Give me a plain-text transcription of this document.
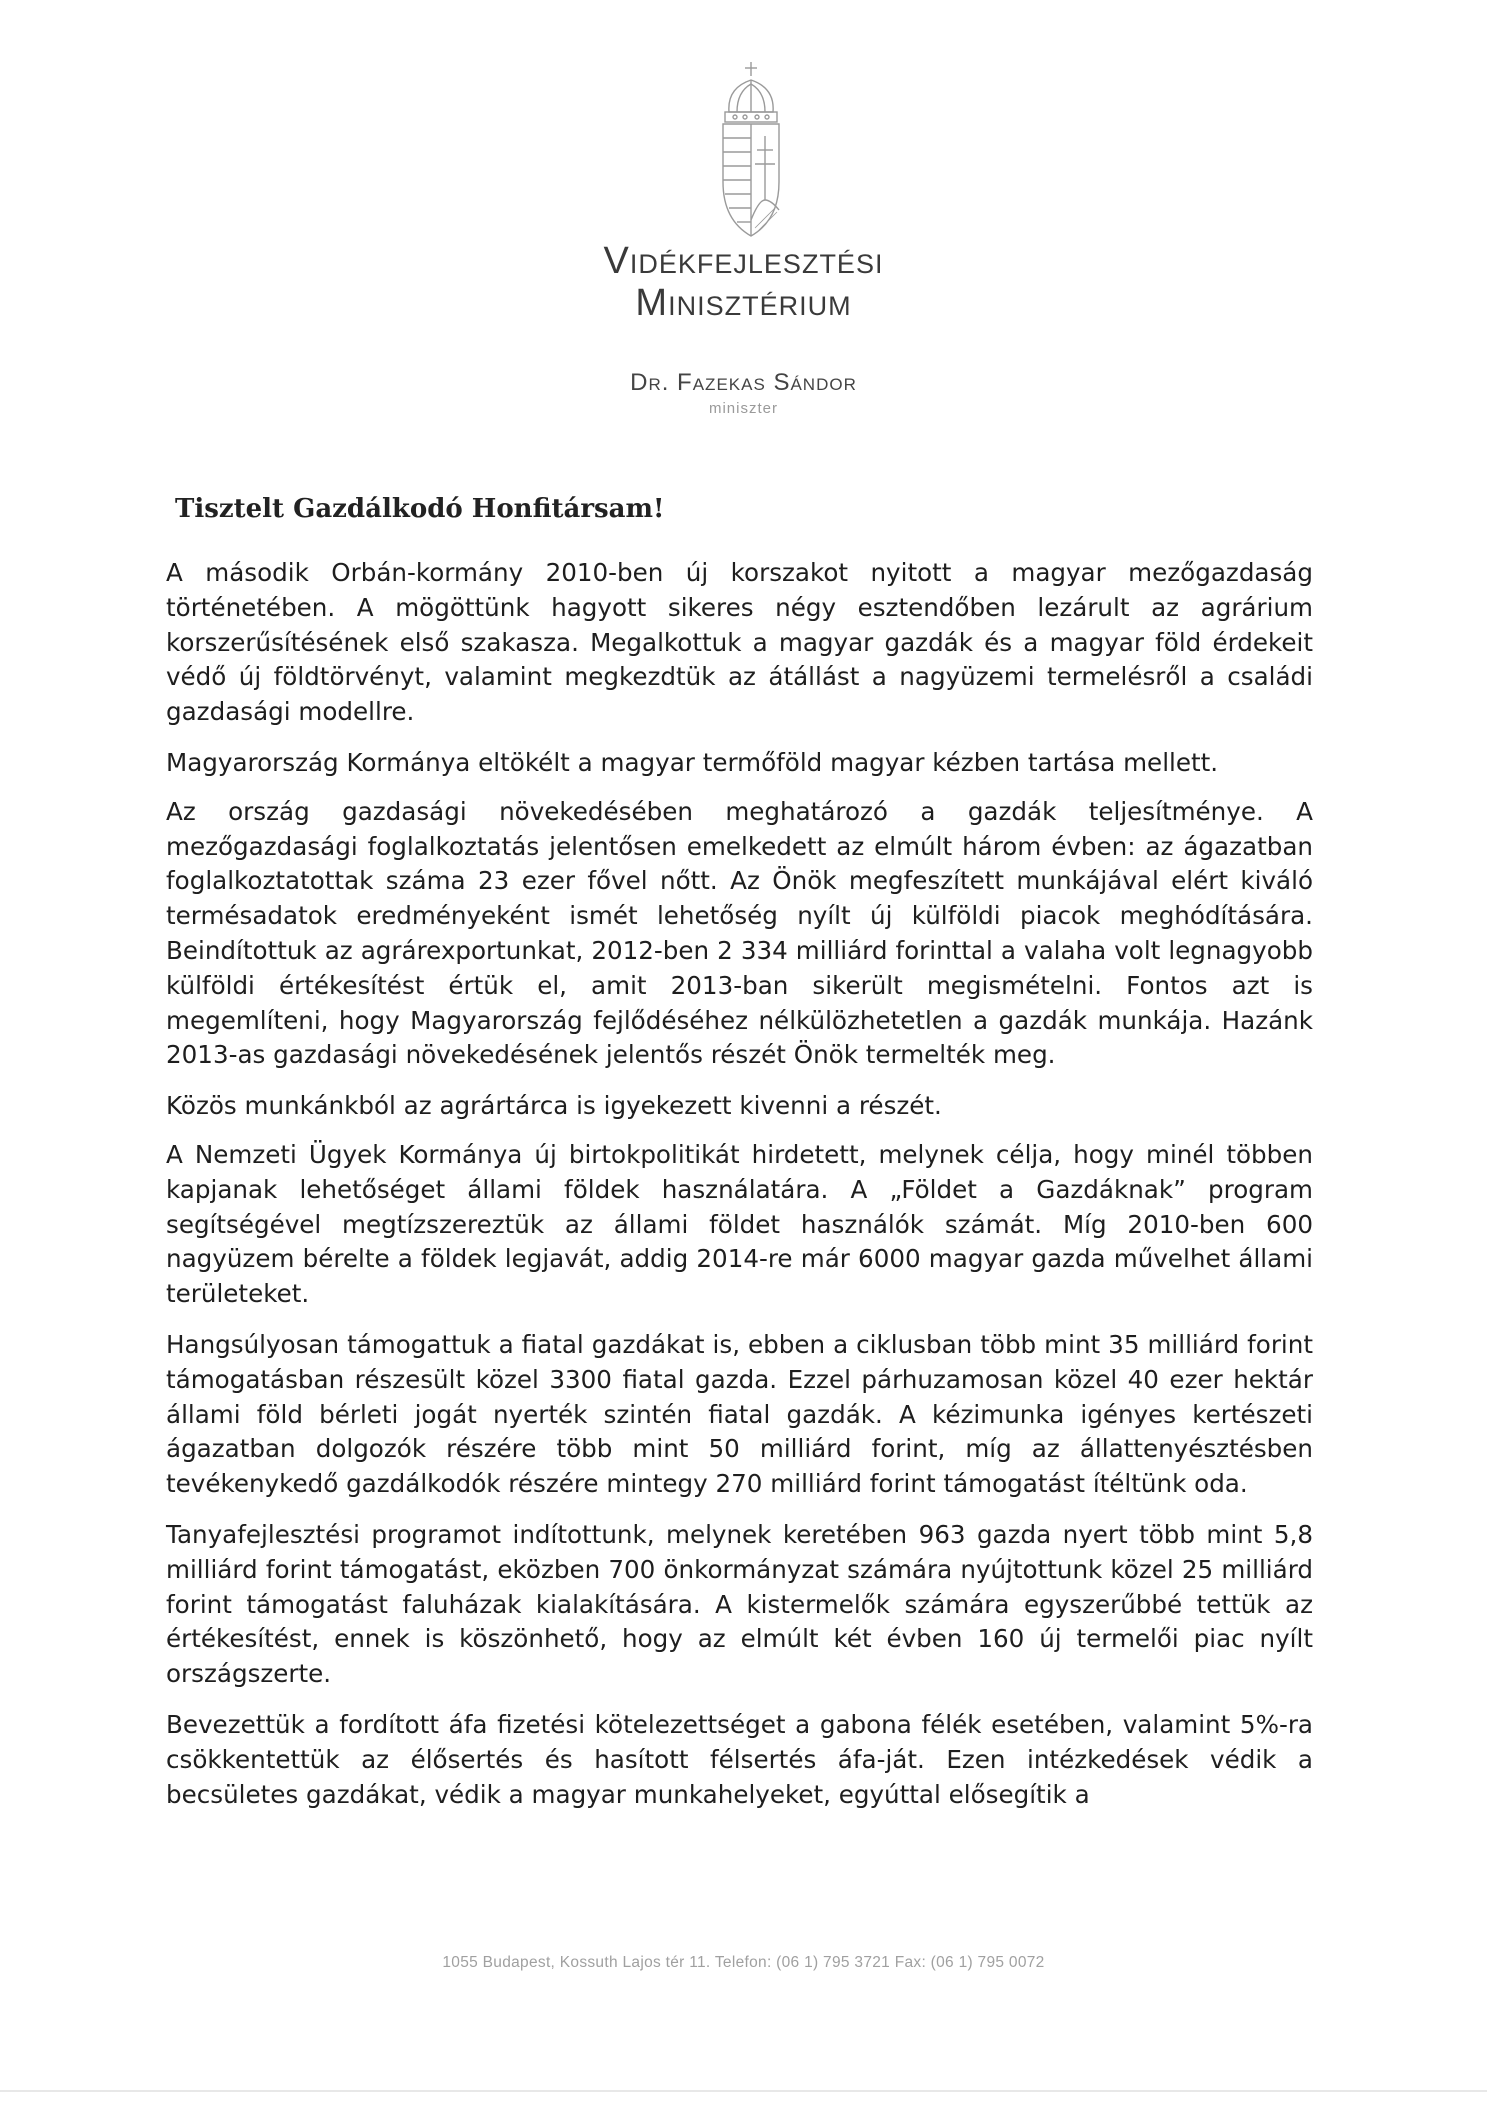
Vidékfejlesztési
Minisztérium
Dr. Fazekas Sándor
miniszter
Tisztelt Gazdálkodó Honfitársam!

A második Orbán-kormány 2010-ben új korszakot nyitott a magyar mezőgazdaság történetében. A mögöttünk hagyott sikeres négy esztendőben lezárult az agrárium korszerűsítésének első szakasza. Megalkottuk a magyar gazdák és a magyar föld érdekeit védő új földtörvényt, valamint megkezdtük az átállást a nagyüzemi termelésről a családi gazdasági modellre.

Magyarország Kormánya eltökélt a magyar termőföld magyar kézben tartása mellett.

Az ország gazdasági növekedésében meghatározó a gazdák teljesítménye. A mezőgazdasági foglalkoztatás jelentősen emelkedett az elmúlt három évben: az ágazatban foglalkoztatottak száma 23 ezer fővel nőtt. Az Önök megfeszített munkájával elért kiváló termésadatok eredményeként ismét lehetőség nyílt új külföldi piacok meghódítására. Beindítottuk az agrárexportunkat, 2012-ben 2 334 milliárd forinttal a valaha volt legnagyobb külföldi értékesítést értük el, amit 2013-ban sikerült megismételni. Fontos azt is megemlíteni, hogy Magyarország fejlődéséhez nélkülözhetetlen a gazdák munkája. Hazánk 2013-as gazdasági növekedésének jelentős részét Önök termelték meg.

Közös munkánkból az agrártárca is igyekezett kivenni a részét.

A Nemzeti Ügyek Kormánya új birtokpolitikát hirdetett, melynek célja, hogy minél többen kapjanak lehetőséget állami földek használatára. A „Földet a Gazdáknak” program segítségével megtízszereztük az állami földet használók számát. Míg 2010-ben 600 nagyüzem bérelte a földek legjavát, addig 2014-re már 6000 magyar gazda művelhet állami területeket.

Hangsúlyosan támogattuk a fiatal gazdákat is, ebben a ciklusban több mint 35 milliárd forint támogatásban részesült közel 3300 fiatal gazda. Ezzel párhuzamosan közel 40 ezer hektár állami föld bérleti jogát nyerték szintén fiatal gazdák. A kézimunka igényes kertészeti ágazatban dolgozók részére több mint 50 milliárd forint, míg az állattenyésztésben tevékenykedő gazdálkodók részére mintegy 270 milliárd forint támogatást ítéltünk oda.

Tanyafejlesztési programot indítottunk, melynek keretében 963 gazda nyert több mint 5,8 milliárd forint támogatást, eközben 700 önkormányzat számára nyújtottunk közel 25 milliárd forint támogatást faluházak kialakítására. A kistermelők számára egyszerűbbé tettük az értékesítést, ennek is köszönhető, hogy az elmúlt két évben 160 új termelői piac nyílt országszerte.

Bevezettük a fordított áfa fizetési kötelezettséget a gabona félék esetében, valamint 5%-ra csökkentettük az élősertés és hasított félsertés áfa-ját. Ezen intézkedések védik a becsületes gazdákat, védik a magyar munkahelyeket, egyúttal elősegítik a

1055 Budapest, Kossuth Lajos tér 11. Telefon: (06 1) 795 3721 Fax: (06 1) 795 0072
